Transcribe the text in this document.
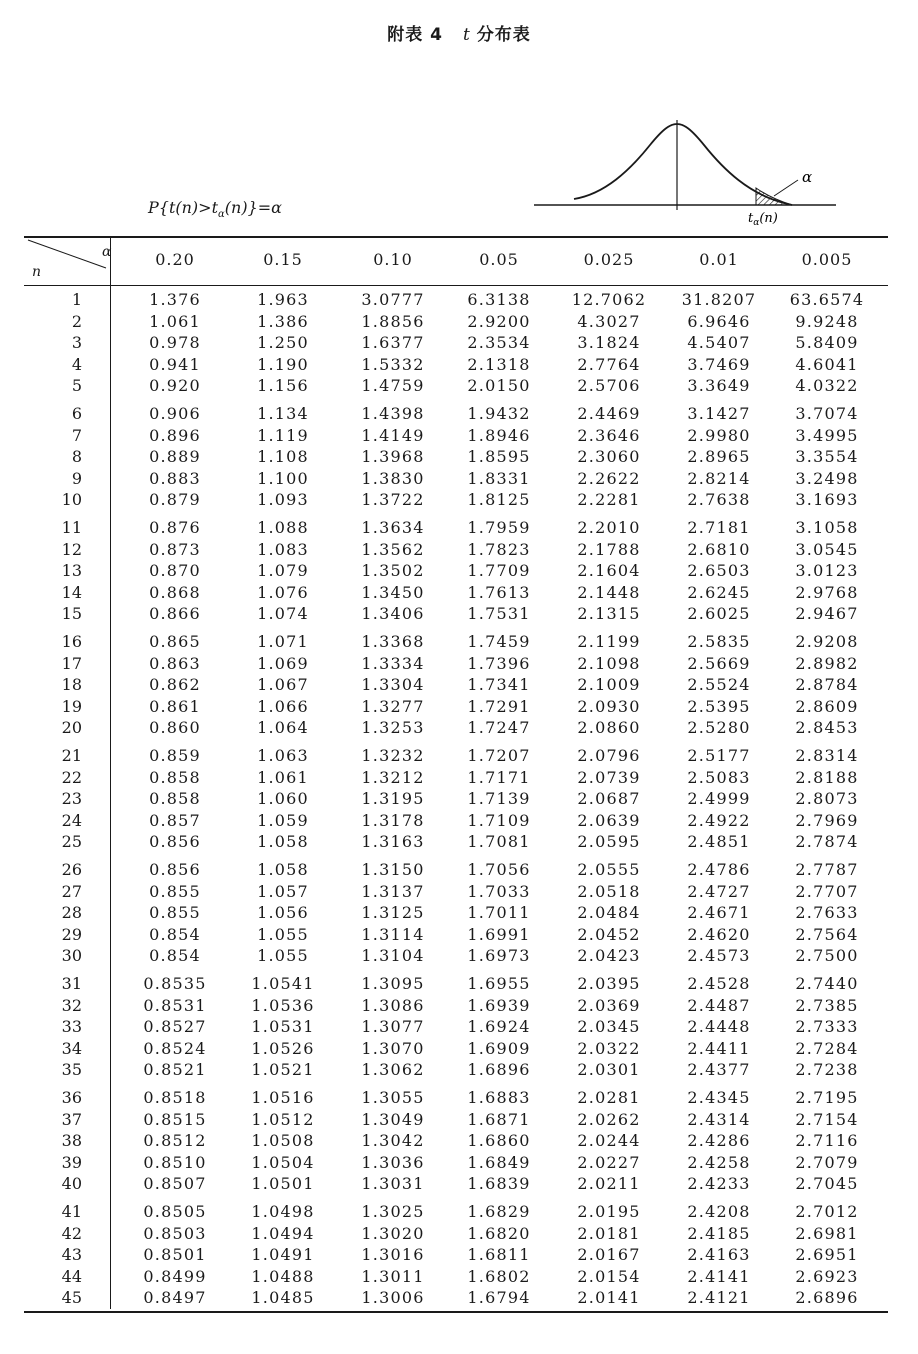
附表 4 t 分布表
$P\{t(n)>t_\alpha(n)\}=\alpha$
α
$t_\alpha(n)$
n
α	0.20	0.15	0.10	0.05	0.025	0.01	0.005
1	1.376	1.963	3.0777	6.3138	12.7062	31.8207	63.6574
2	1.061	1.386	1.8856	2.9200	4.3027	6.9646	9.9248
3	0.978	1.250	1.6377	2.3534	3.1824	4.5407	5.8409
4	0.941	1.190	1.5332	2.1318	2.7764	3.7469	4.6041
5	0.920	1.156	1.4759	2.0150	2.5706	3.3649	4.0322
6	0.906	1.134	1.4398	1.9432	2.4469	3.1427	3.7074
7	0.896	1.119	1.4149	1.8946	2.3646	2.9980	3.4995
8	0.889	1.108	1.3968	1.8595	2.3060	2.8965	3.3554
9	0.883	1.100	1.3830	1.8331	2.2622	2.8214	3.2498
10	0.879	1.093	1.3722	1.8125	2.2281	2.7638	3.1693
11	0.876	1.088	1.3634	1.7959	2.2010	2.7181	3.1058
12	0.873	1.083	1.3562	1.7823	2.1788	2.6810	3.0545
13	0.870	1.079	1.3502	1.7709	2.1604	2.6503	3.0123
14	0.868	1.076	1.3450	1.7613	2.1448	2.6245	2.9768
15	0.866	1.074	1.3406	1.7531	2.1315	2.6025	2.9467
16	0.865	1.071	1.3368	1.7459	2.1199	2.5835	2.9208
17	0.863	1.069	1.3334	1.7396	2.1098	2.5669	2.8982
18	0.862	1.067	1.3304	1.7341	2.1009	2.5524	2.8784
19	0.861	1.066	1.3277	1.7291	2.0930	2.5395	2.8609
20	0.860	1.064	1.3253	1.7247	2.0860	2.5280	2.8453
21	0.859	1.063	1.3232	1.7207	2.0796	2.5177	2.8314
22	0.858	1.061	1.3212	1.7171	2.0739	2.5083	2.8188
23	0.858	1.060	1.3195	1.7139	2.0687	2.4999	2.8073
24	0.857	1.059	1.3178	1.7109	2.0639	2.4922	2.7969
25	0.856	1.058	1.3163	1.7081	2.0595	2.4851	2.7874
26	0.856	1.058	1.3150	1.7056	2.0555	2.4786	2.7787
27	0.855	1.057	1.3137	1.7033	2.0518	2.4727	2.7707
28	0.855	1.056	1.3125	1.7011	2.0484	2.4671	2.7633
29	0.854	1.055	1.3114	1.6991	2.0452	2.4620	2.7564
30	0.854	1.055	1.3104	1.6973	2.0423	2.4573	2.7500
31	0.8535	1.0541	1.3095	1.6955	2.0395	2.4528	2.7440
32	0.8531	1.0536	1.3086	1.6939	2.0369	2.4487	2.7385
33	0.8527	1.0531	1.3077	1.6924	2.0345	2.4448	2.7333
34	0.8524	1.0526	1.3070	1.6909	2.0322	2.4411	2.7284
35	0.8521	1.0521	1.3062	1.6896	2.0301	2.4377	2.7238
36	0.8518	1.0516	1.3055	1.6883	2.0281	2.4345	2.7195
37	0.8515	1.0512	1.3049	1.6871	2.0262	2.4314	2.7154
38	0.8512	1.0508	1.3042	1.6860	2.0244	2.4286	2.7116
39	0.8510	1.0504	1.3036	1.6849	2.0227	2.4258	2.7079
40	0.8507	1.0501	1.3031	1.6839	2.0211	2.4233	2.7045
41	0.8505	1.0498	1.3025	1.6829	2.0195	2.4208	2.7012
42	0.8503	1.0494	1.3020	1.6820	2.0181	2.4185	2.6981
43	0.8501	1.0491	1.3016	1.6811	2.0167	2.4163	2.6951
44	0.8499	1.0488	1.3011	1.6802	2.0154	2.4141	2.6923
45	0.8497	1.0485	1.3006	1.6794	2.0141	2.4121	2.6896
